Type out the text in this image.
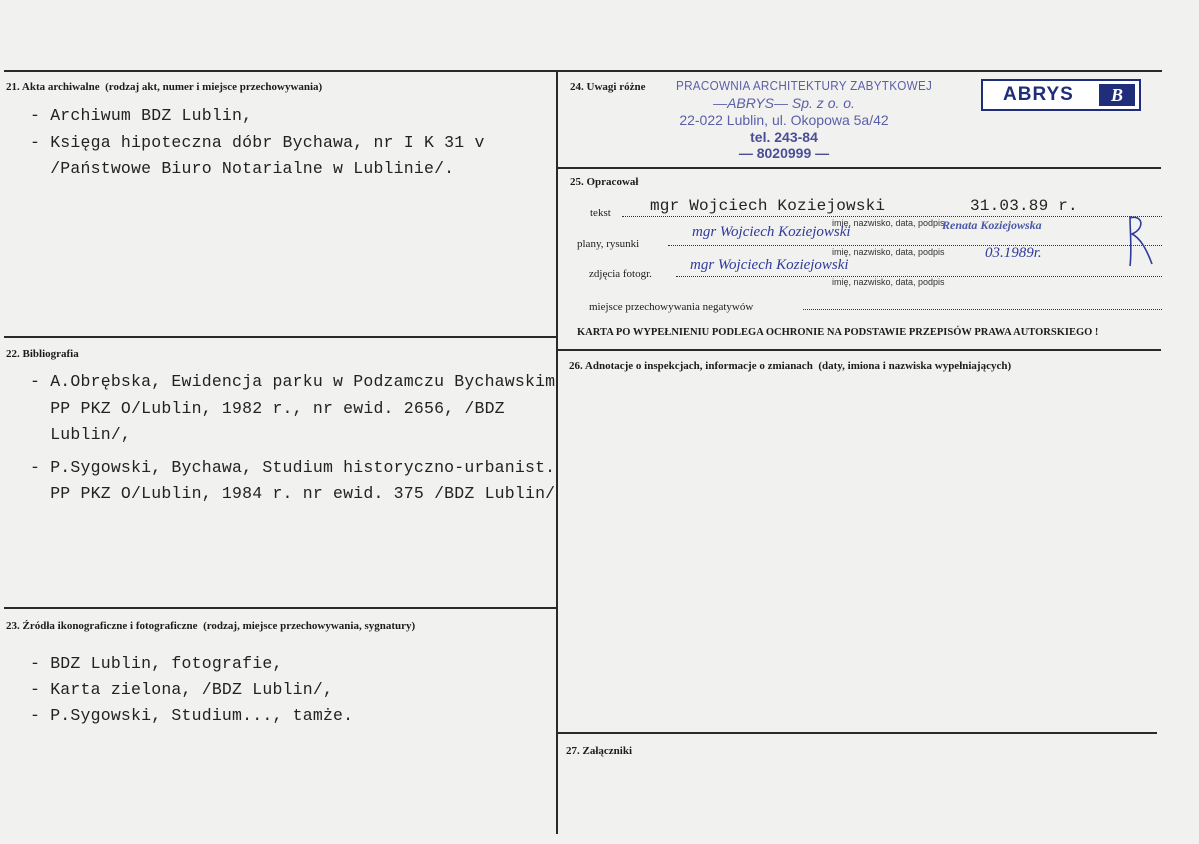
21. Akta archiwalne (rodzaj akt, numer i miejsce przechowywania)
- Archiwum BDZ Lublin,
- Księga hipoteczna dóbr Bychawa, nr I K 31 v
/Państwowe Biuro Notarialne w Lublinie/.
22. Bibliografia
- A.Obrębska, Ewidencja parku w Podzamczu Bychawskim
PP PKZ O/Lublin, 1982 r., nr ewid. 2656, /BDZ
Lublin/,
- P.Sygowski, Bychawa, Studium historyczno-urbanist.
PP PKZ O/Lublin, 1984 r. nr ewid. 375 /BDZ Lublin/
23. Źródła ikonograficzne i fotograficzne (rodzaj, miejsce przechowywania, sygnatury)
- BDZ Lublin, fotografie,
- Karta zielona, /BDZ Lublin/,
- P.Sygowski, Studium..., tamże.
24. Uwagi różne PRACOWNIA ARCHITEKTURY ZABYTKOWEJ
—ABRYS— Sp. z o. o.
22-022 Lublin, ul. Okopowa 5a/42
tel. 243-84
— 8020999 —
ABRYS	B
25. Opracował
tekst mgr Wojciech Koziejowski	31.03.89 r.
imię, nazwisko, data, podpis
plany, rysunki
mgr Wojciech Koziejowski	Renata Koziejowska
imię, nazwisko, data, podpis	03.1989r.
zdjęcia fotogr.
mgr Wojciech Koziejowski
imię, nazwisko, data, podpis
miejsce przechowywania negatywów
KARTA PO WYPEŁNIENIU PODLEGA OCHRONIE NA PODSTAWIE PRZEPISÓW PRAWA AUTORSKIEGO !
26. Adnotacje o inspekcjach, informacje o zmianach (daty, imiona i nazwiska wypełniających)
27. Załączniki
